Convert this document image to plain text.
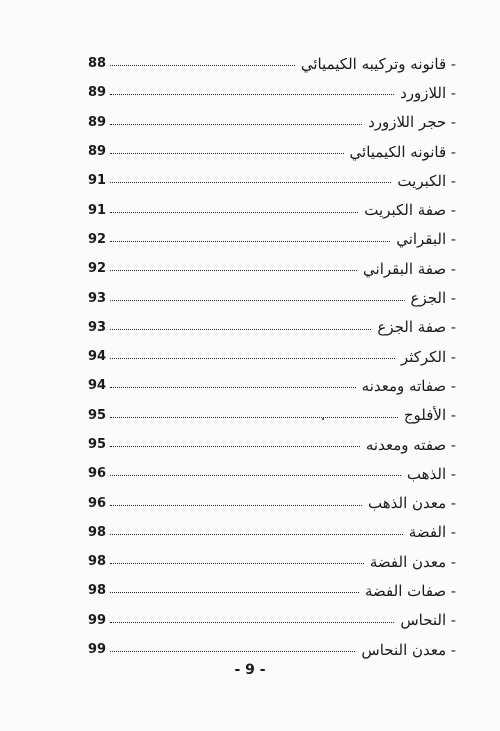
- قانونه وتركيبه الكيميائي
88
- اللازورد
89
- حجر اللازورد
89
- قانونه الكيميائي
89
- الكبريت
91
- صفة الكبريت
91
- البقراني
92
- صفة البقراني
92
- الجزع
93
- صفة الجزع
93
- الكركثر
94
- صفاته ومعدنه
94
- الأفلوج
95
- صفته ومعدنه
95
- الذهب
96
- معدن الذهب
96
- الفضة
98
- معدن الفضة
98
- صفات الفضة
98
- النحاس
99
- معدن النحاس
99
- 9 -
